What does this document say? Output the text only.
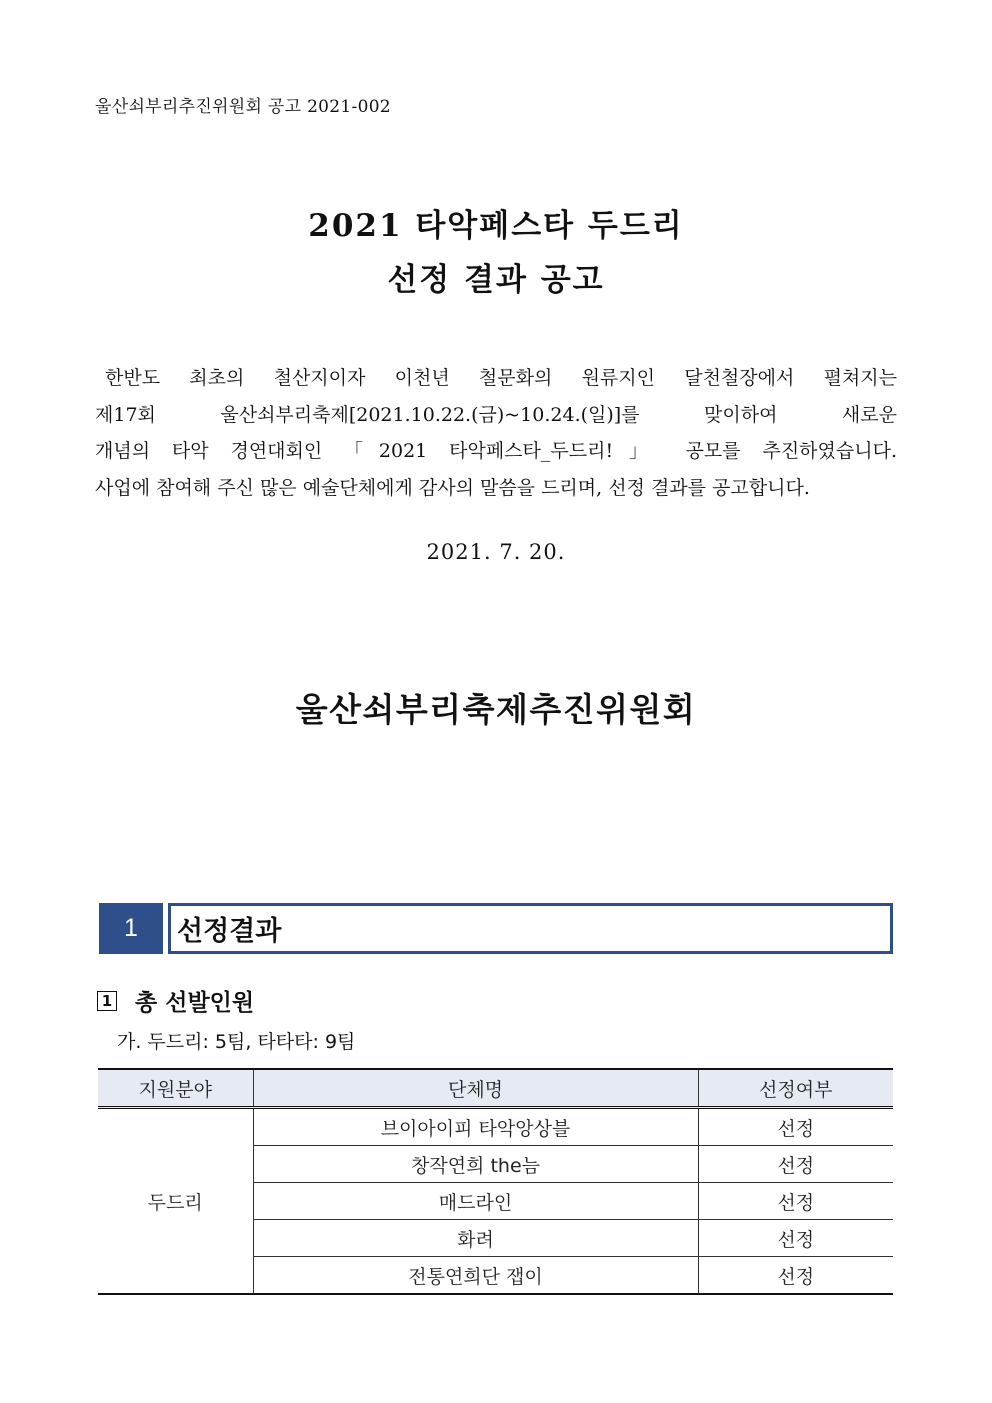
울산쇠부리추진위원회 공고 2021-002
2021 타악페스타 두드리
선정 결과 공고
한반도 최초의 철산지이자 이천년 철문화의 원류지인 달천철장에서 펼쳐지는
제17회 울산쇠부리축제[2021.10.22.(금)~10.24.(일)]를 맞이하여 새로운
개념의 타악 경연대회인 「2021 타악페스타_두드리!」 공모를 추진하였습니다.
사업에 참여해 주신 많은 예술단체에게 감사의 말씀을 드리며, 선정 결과를 공고합니다.
2021. 7. 20.
울산쇠부리축제추진위원회
1	선정결과
1 총 선발인원
가. 두드리: 5팀, 타타타: 9팀
지원분야	단체명	선정여부
두드리	브이아이피 타악앙상블	선정
	창작연희 the늠	선정
	매드라인	선정
	화려	선정
	전통연희단 잽이	선정
